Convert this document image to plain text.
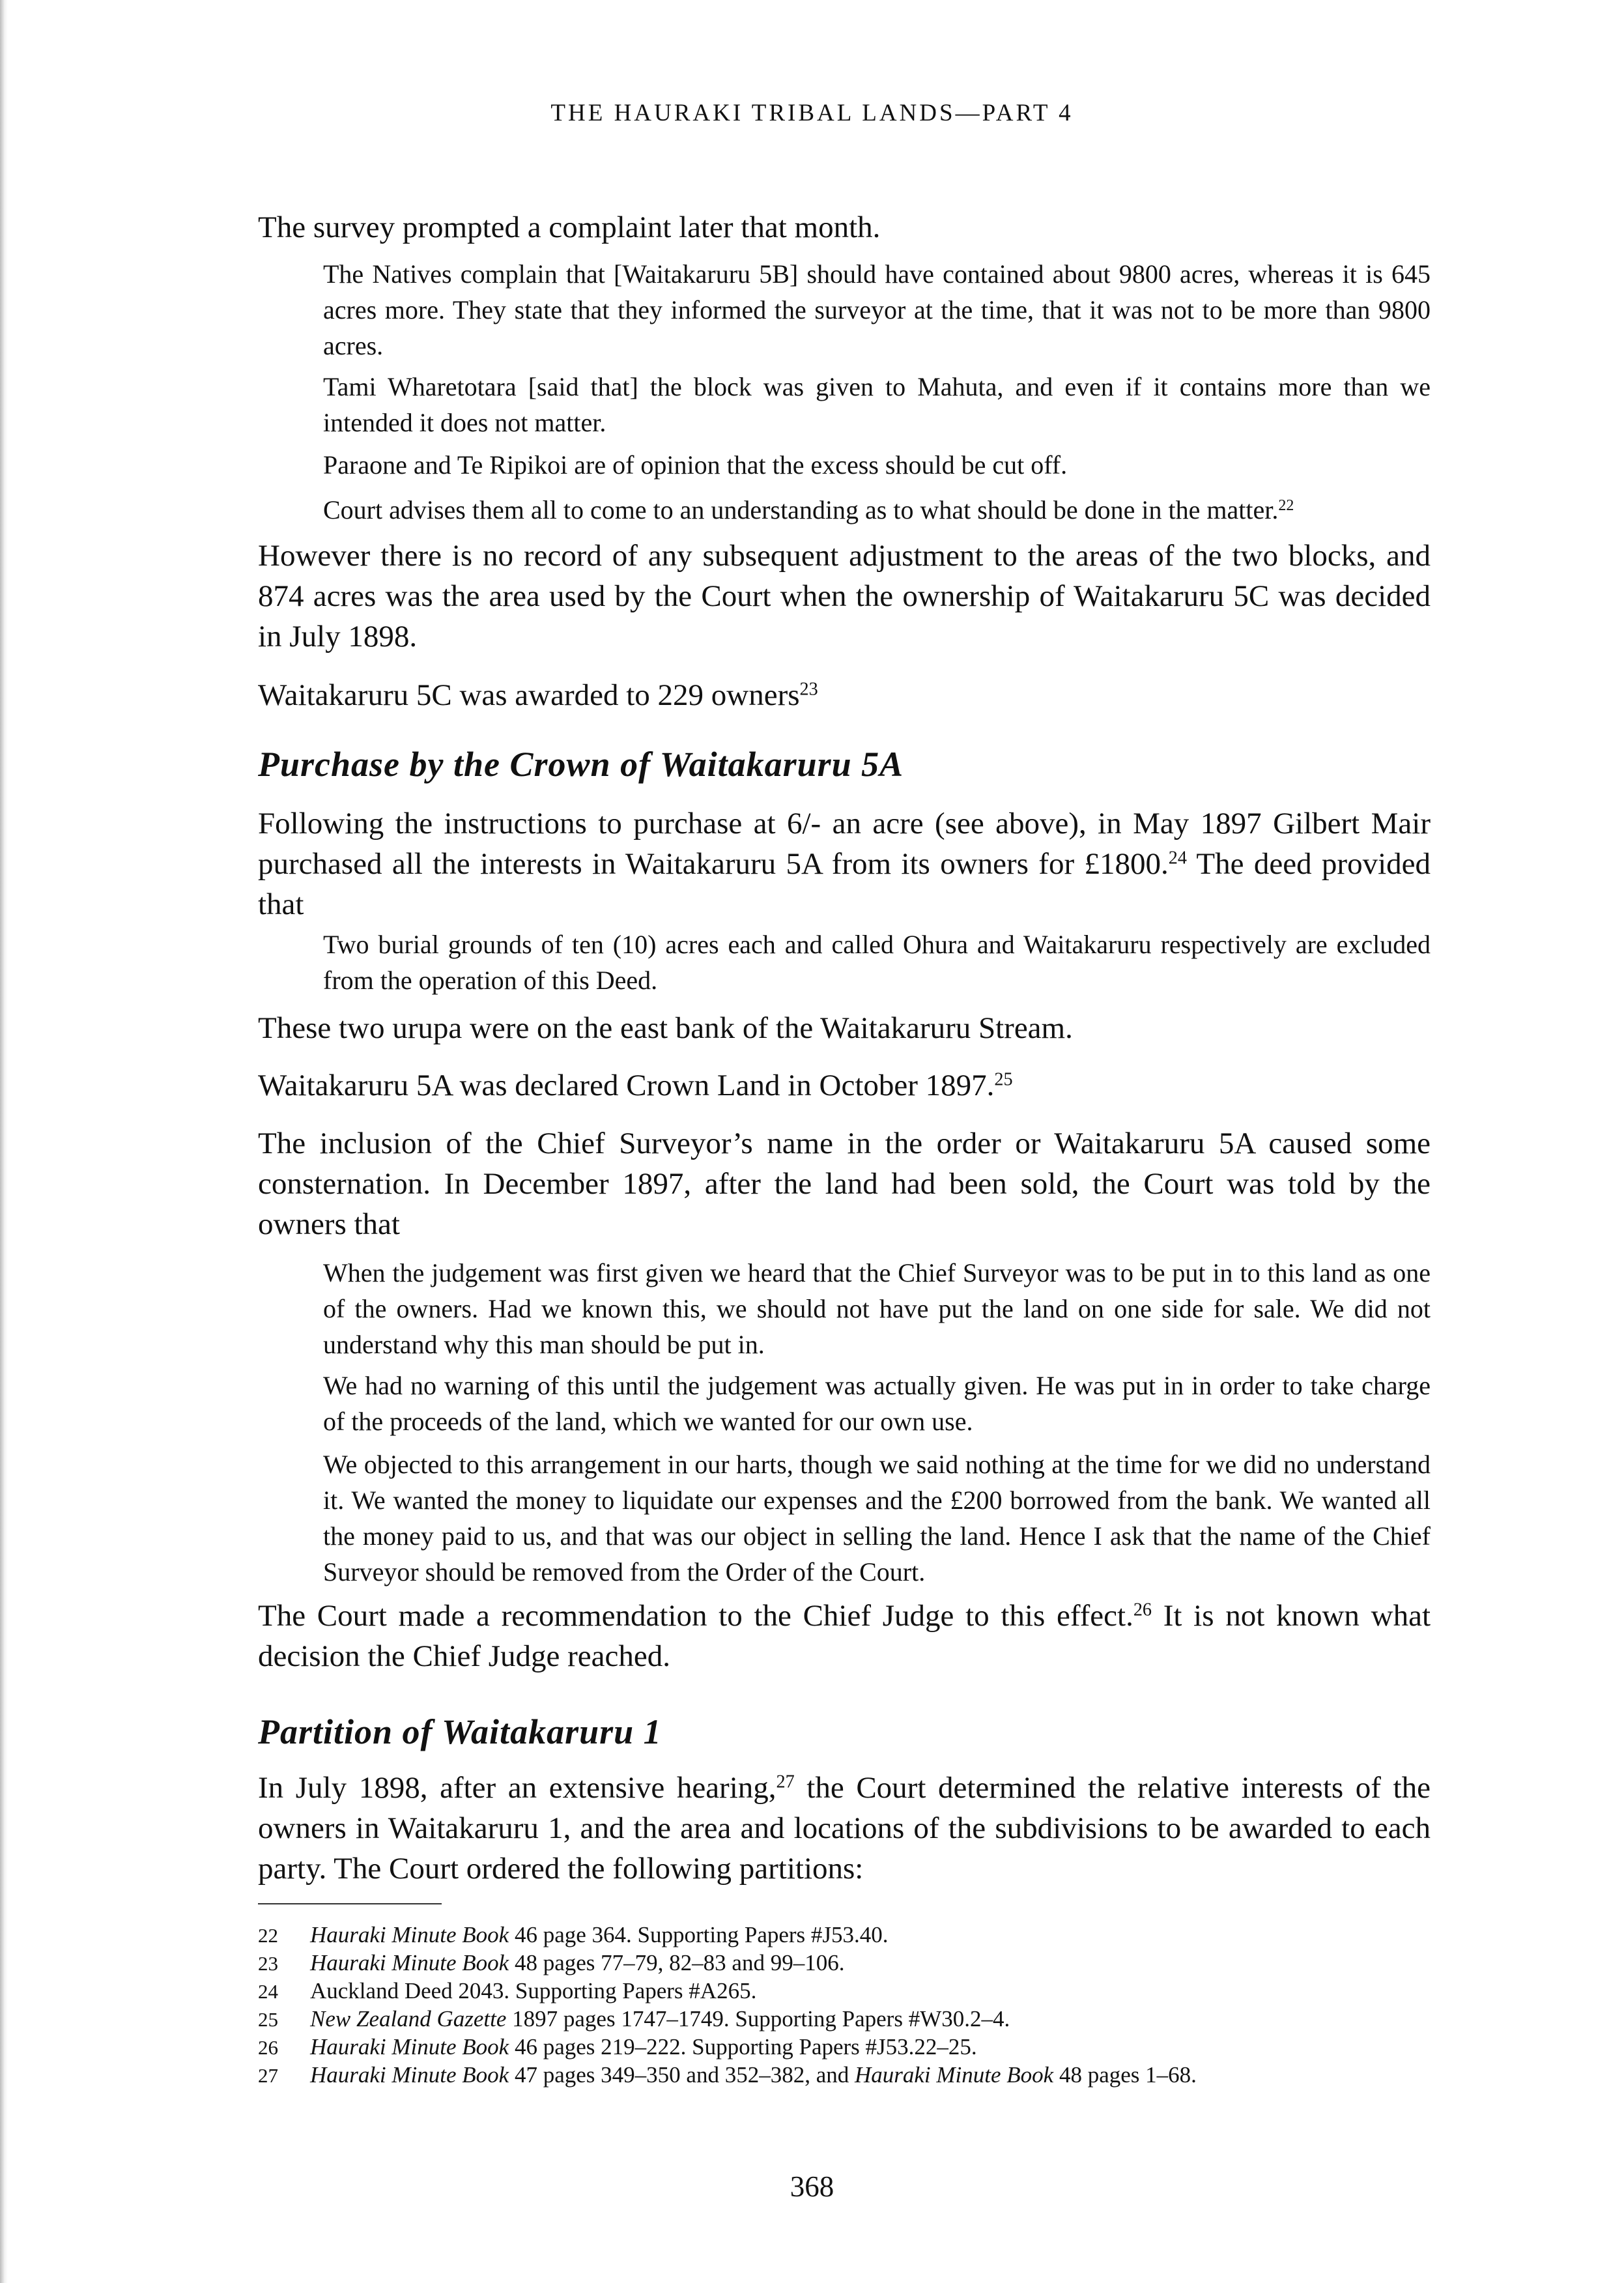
THE HAURAKI TRIBAL LANDS—PART 4

The survey prompted a complaint later that month.

The Natives complain that [Waitakaruru 5B] should have contained about 9800 acres, whereas it is 645 acres more. They state that they informed the surveyor at the time, that it was not to be more than 9800 acres.

Tami Wharetotara [said that] the block was given to Mahuta, and even if it contains more than we intended it does not matter.

Paraone and Te Ripikoi are of opinion that the excess should be cut off.

Court advises them all to come to an understanding as to what should be done in the matter.$^{22}$

However there is no record of any subsequent adjustment to the areas of the two blocks, and 874 acres was the area used by the Court when the ownership of Waitakaruru 5C was decided in July 1898.

Waitakaruru 5C was awarded to 229 owners$^{23}$

Purchase by the Crown of Waitakaruru 5A

Following the instructions to purchase at 6/- an acre (see above), in May 1897 Gilbert Mair purchased all the interests in Waitakaruru 5A from its owners for £1800.24 The deed provided that

Two burial grounds of ten (10) acres each and called Ohura and Waitakaruru respectively are excluded from the operation of this Deed.

These two urupa were on the east bank of the Waitakaruru Stream.

Waitakaruru 5A was declared Crown Land in October 1897.25

The inclusion of the Chief Surveyor’s name in the order or Waitakaruru 5A caused some consternation. In December 1897, after the land had been sold, the Court was told by the owners that

When the judgement was first given we heard that the Chief Surveyor was to be put in to this land as one of the owners. Had we known this, we should not have put the land on one side for sale. We did not understand why this man should be put in.

We had no warning of this until the judgement was actually given. He was put in in order to take charge of the proceeds of the land, which we wanted for our own use.

We objected to this arrangement in our harts, though we said nothing at the time for we did no understand it. We wanted the money to liquidate our expenses and the £200 borrowed from the bank. We wanted all the money paid to us, and that was our object in selling the land. Hence I ask that the name of the Chief Surveyor should be removed from the Order of the Court.

The Court made a recommendation to the Chief Judge to this effect.$^{26}$ It is not known what decision the Chief Judge reached.

Partition of Waitakaruru 1

In July 1898, after an extensive hearing,$^{27}$ the Court determined the relative interests of the owners in Waitakaruru 1, and the area and locations of the subdivisions to be awarded to each party. The Court ordered the following partitions:

22 Hauraki Minute Book 46 page 364. Supporting Papers #J53.40.
23 Hauraki Minute Book 48 pages 77–79, 82–83 and 99–106.
24 Auckland Deed 2043. Supporting Papers #A265.
25 New Zealand Gazette 1897 pages 1747–1749. Supporting Papers #W30.2–4.
26 Hauraki Minute Book 46 pages 219–222. Supporting Papers #J53.22–25.
27 Hauraki Minute Book 47 pages 349–350 and 352–382, and Hauraki Minute Book 48 pages 1–68.
368
